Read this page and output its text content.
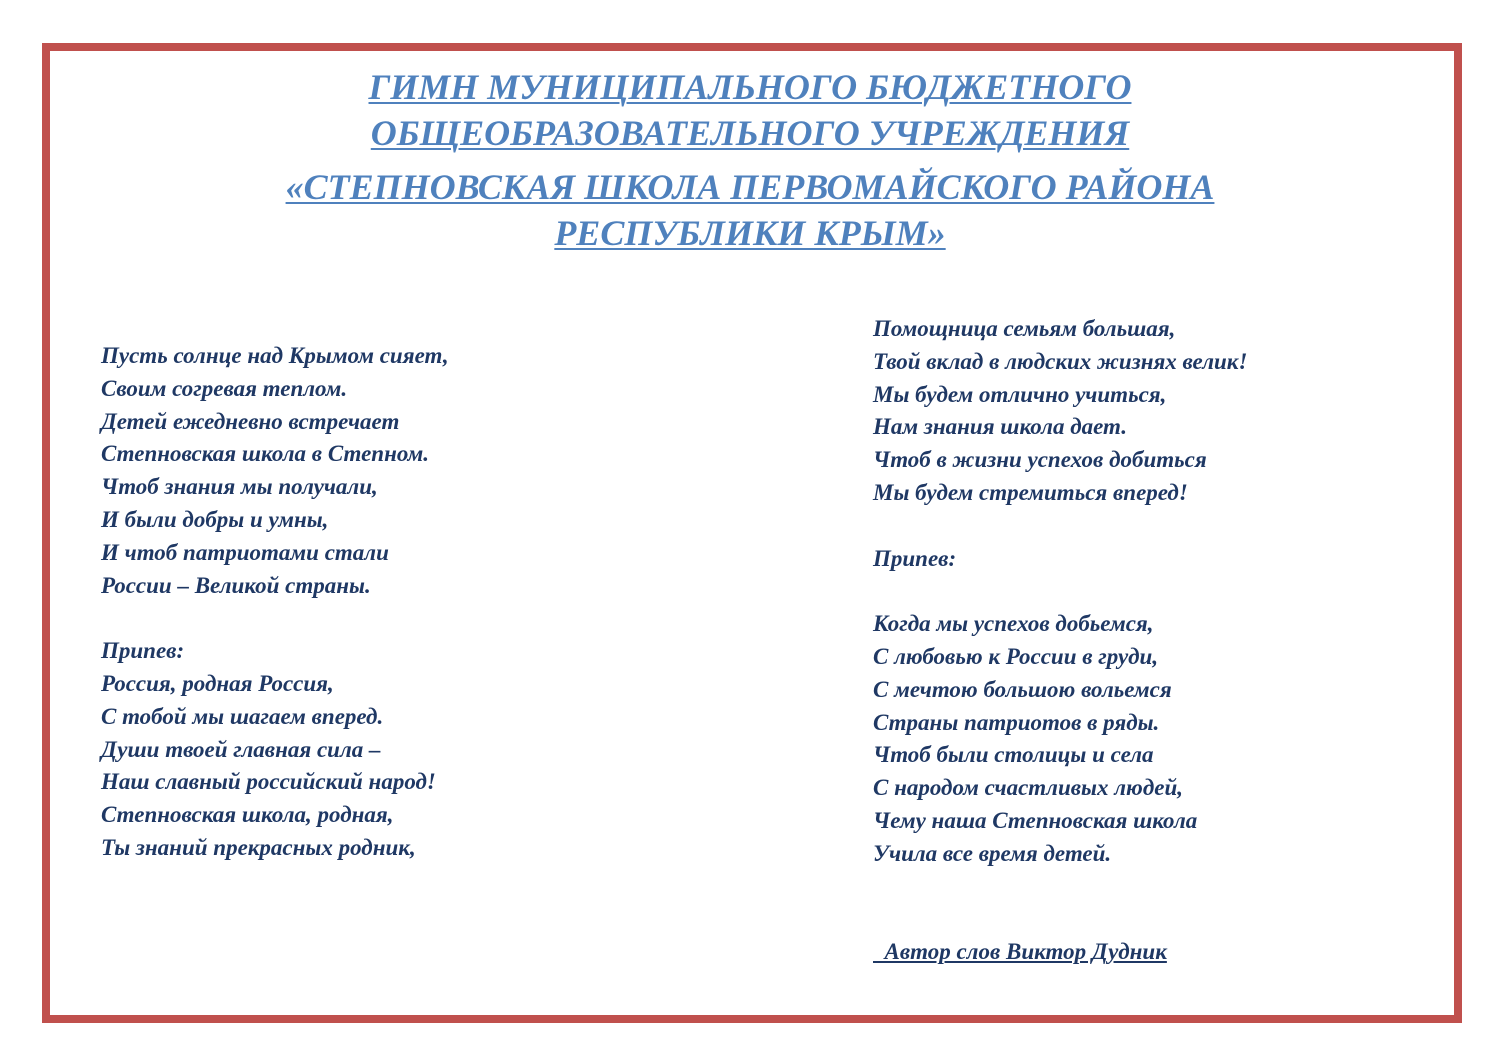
ГИМН МУНИЦИПАЛЬНОГО БЮДЖЕТНОГО
ОБЩЕОБРАЗОВАТЕЛЬНОГО УЧРЕЖДЕНИЯ
«СТЕПНОВСКАЯ ШКОЛА ПЕРВОМАЙСКОГО РАЙОНА
РЕСПУБЛИКИ КРЫМ»
Пусть солнце над Крымом сияет,
Своим согревая теплом.
Детей ежедневно встречает
Степновская школа в Степном.
Чтоб знания мы получали,
И были добры и умны,
И чтоб патриотами стали
России – Великой страны.
Припев:
Россия, родная Россия,
С тобой мы шагаем вперед.
Души твоей главная сила –
Наш славный российский народ!
Степновская школа, родная,
Ты знаний прекрасных родник,
Помощница семьям большая,
Твой вклад в людских жизнях велик!
Мы будем отлично учиться,
Нам знания школа дает.
Чтоб в жизни успехов добиться
Мы будем стремиться вперед!
Припев:
Когда мы успехов добьемся,
С любовью к России в груди,
С мечтою большою вольемся
Страны патриотов в ряды.
Чтоб были столицы и села
С народом счастливых людей,
Чему наша Степновская школа
Учила все время детей.
Автор слов Виктор Дудник
